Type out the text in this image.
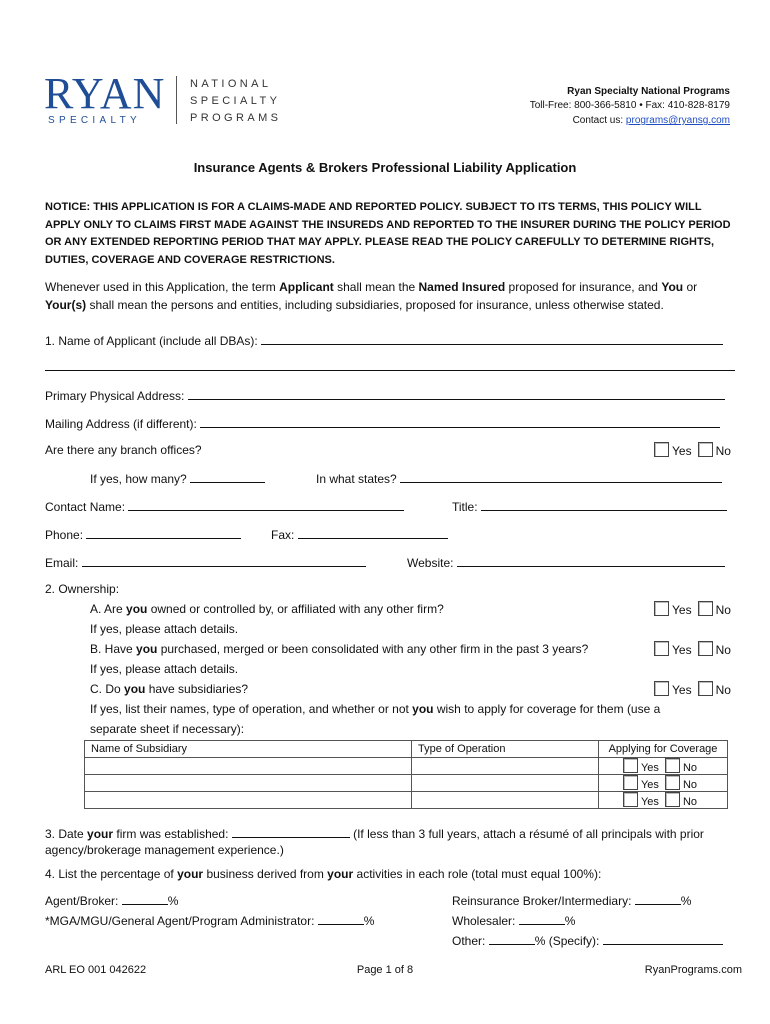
RYAN
SPECIALTY
NATIONAL
SPECIALTY
PROGRAMS
Ryan Specialty National Programs
Toll-Free: 800-366-5810 • Fax: 410-828-8179
Contact us: programs@ryansg.com
Insurance Agents & Brokers Professional Liability Application
NOTICE: THIS APPLICATION IS FOR A CLAIMS-MADE AND REPORTED POLICY. SUBJECT TO ITS TERMS, THIS POLICY WILL APPLY ONLY TO CLAIMS FIRST MADE AGAINST THE INSUREDS AND REPORTED TO THE INSURER DURING THE POLICY PERIOD OR ANY EXTENDED REPORTING PERIOD THAT MAY APPLY. PLEASE READ THE POLICY CAREFULLY TO DETERMINE RIGHTS, DUTIES, COVERAGE AND COVERAGE RESTRICTIONS.
Whenever used in this Application, the term Applicant shall mean the Named Insured proposed for insurance, and You or Your(s) shall mean the persons and entities, including subsidiaries, proposed for insurance, unless otherwise stated.
1. Name of Applicant (include all DBAs):
Primary Physical Address:
Mailing Address (if different):
Are there any branch offices?	Yes No
If yes, how many?	In what states?
Contact Name:	Title:
Phone:	Fax:
Email:	Website:
2. Ownership:
A. Are you owned or controlled by, or affiliated with any other firm?	Yes No
If yes, please attach details.
B. Have you purchased, merged or been consolidated with any other firm in the past 3 years?	Yes No
If yes, please attach details.
C. Do you have subsidiaries?	Yes No
If yes, list their names, type of operation, and whether or not you wish to apply for coverage for them (use a
separate sheet if necessary):
Name of Subsidiary	Type of Operation	Applying for Coverage
		Yes No
		Yes No
		Yes No
3. Date your firm was established:	(If less than 3 full years, attach a résumé of all principals with prior
agency/brokerage management experience.)
4. List the percentage of your business derived from your activities in each role (total must equal 100%):
Agent/Broker:	%
*MGA/MGU/General Agent/Program Administrator:	%
Reinsurance Broker/Intermediary:	%
Wholesaler:	%
Other:	% (Specify):
ARL EO 001 042622	Page 1 of 8	RyanPrograms.com
